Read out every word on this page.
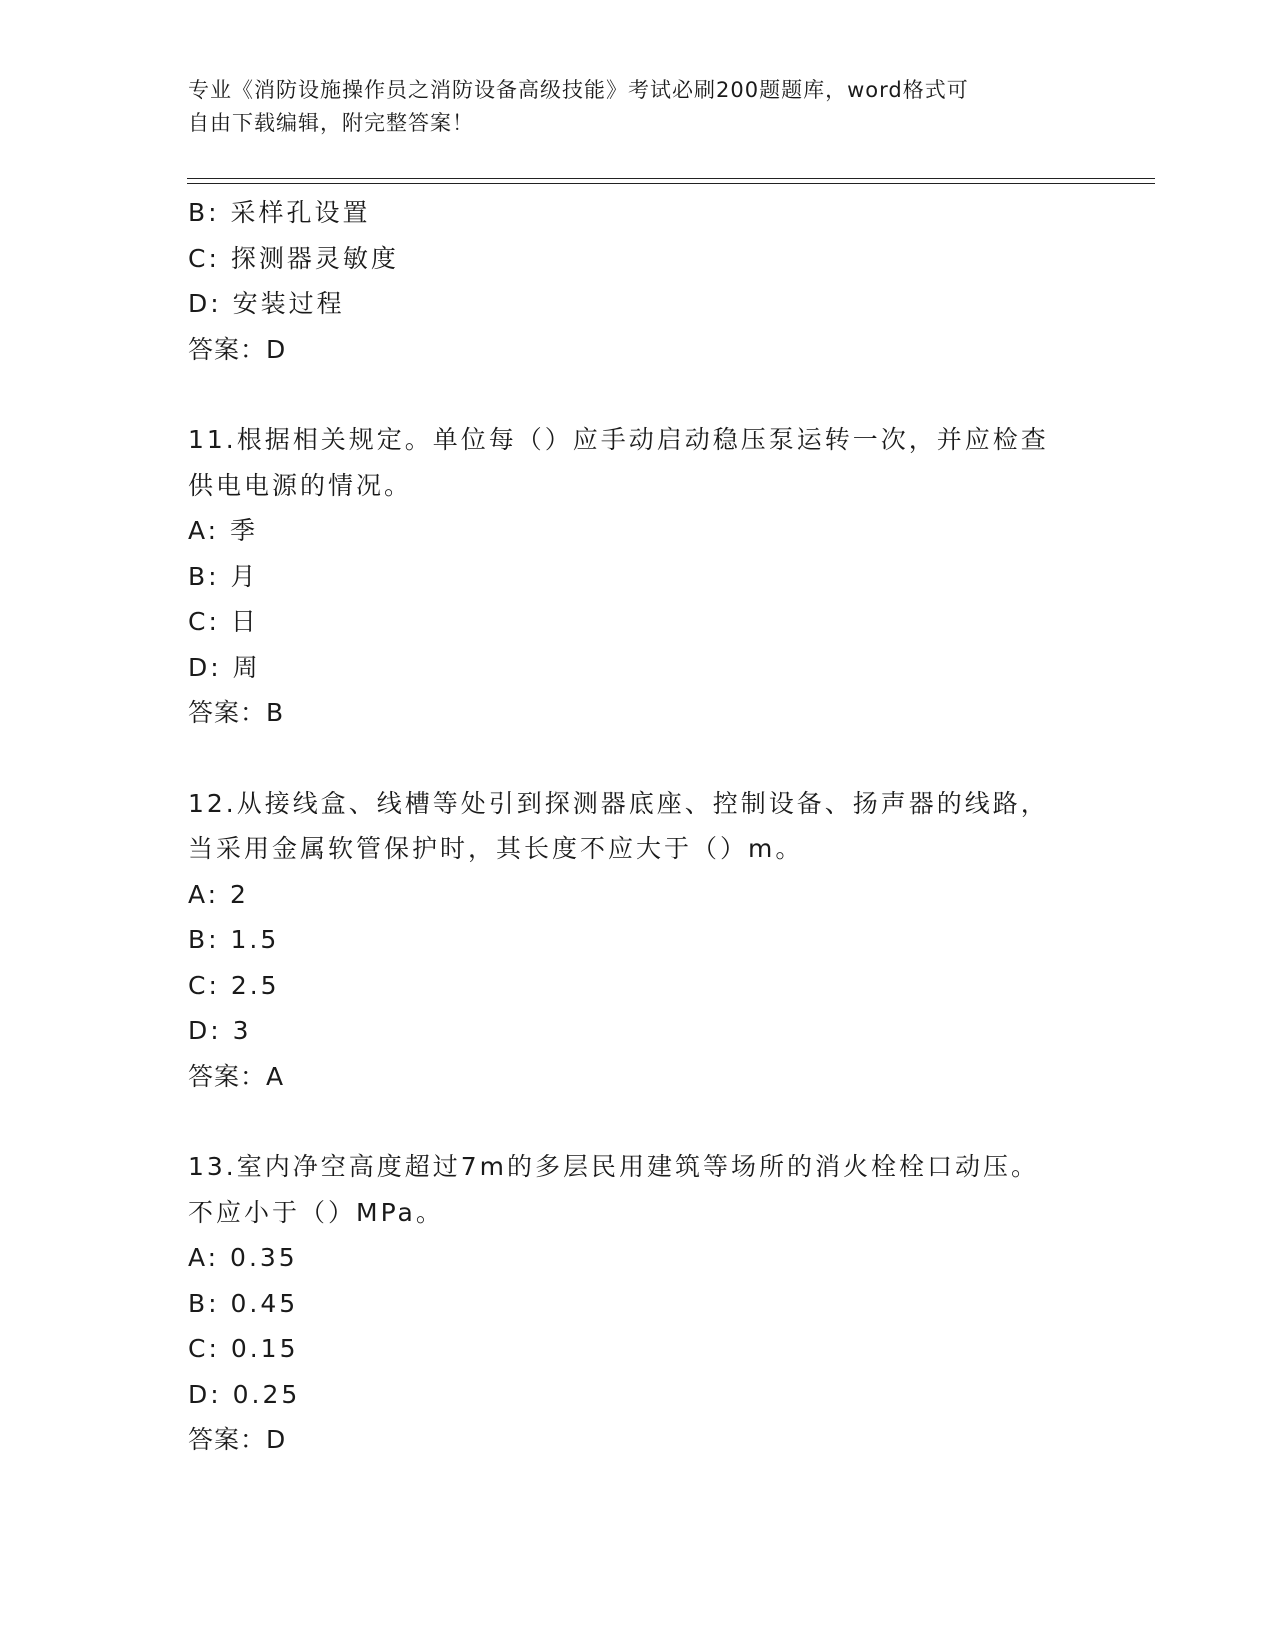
专业《消防设施操作员之消防设备高级技能》考试必刷200题题库，word格式可
自由下载编辑，附完整答案！
B: 采样孔设置
C: 探测器灵敏度
D: 安装过程
答案：D
11.根据相关规定。单位每（）应手动启动稳压泵运转一次，并应检查
供电电源的情况。
A: 季
B: 月
C: 日
D: 周
答案：B
12.从接线盒、线槽等处引到探测器底座、控制设备、扬声器的线路，
当采用金属软管保护时，其长度不应大于（）m。
A: 2
B: 1.5
C: 2.5
D: 3
答案：A
13.室内净空高度超过7m的多层民用建筑等场所的消火栓栓口动压。
不应小于（）MPa。
A: 0.35
B: 0.45
C: 0.15
D: 0.25
答案：D
